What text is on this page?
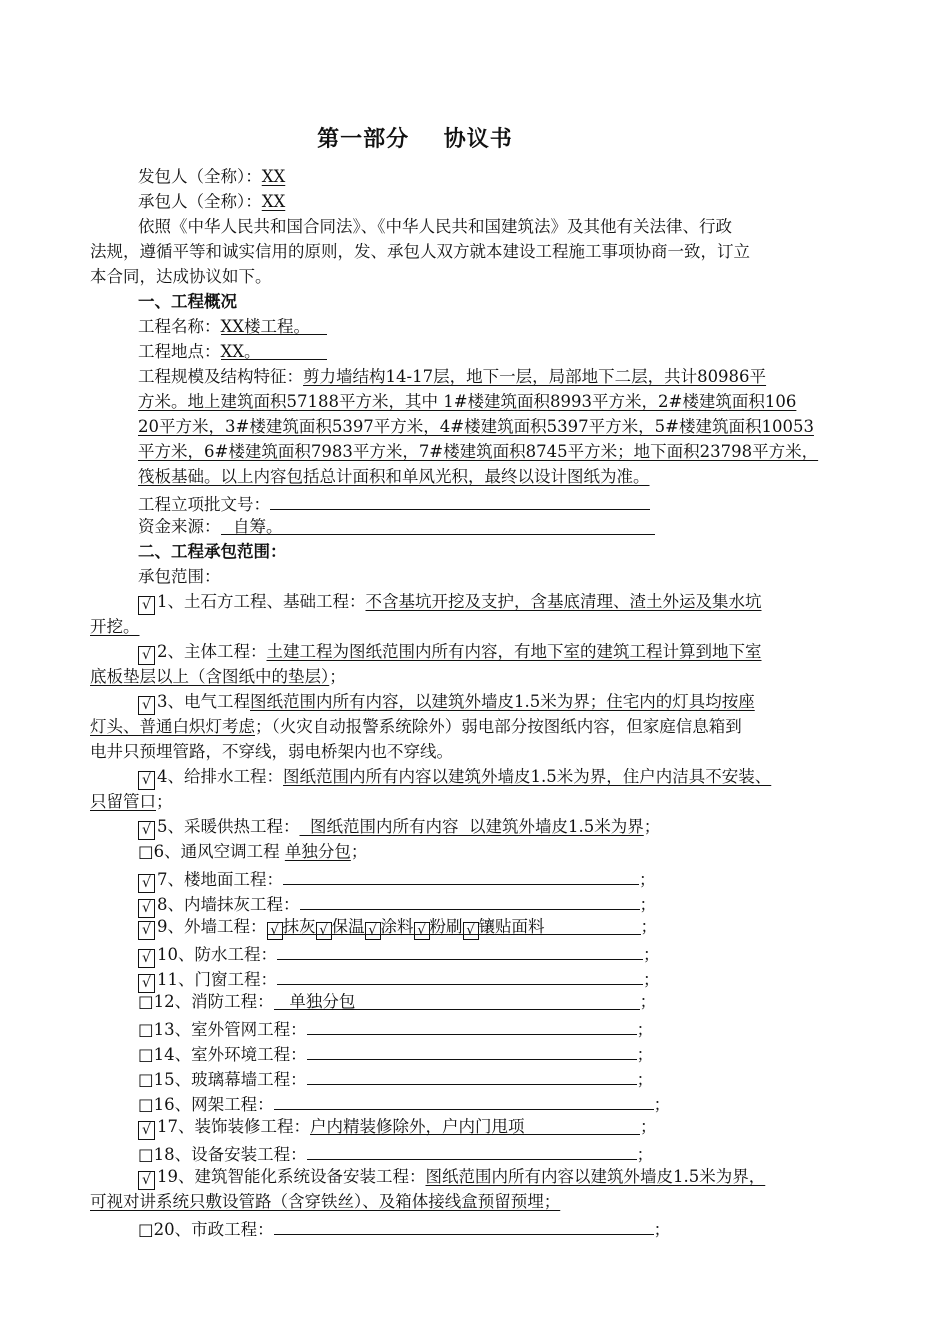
第一部分    协议书
发包人（全称）：XX
承包人（全称）：XX
依照《中华人民共和国合同法》、《中华人民共和国建筑法》及其他有关法律、行政
法规，遵循平等和诚实信用的原则，发、承包人双方就本建设工程施工事项协商一致，订立
本合同，达成协议如下。
一、工程概况
工程名称：XX楼工程。
工程地点：XX。
工程规模及结构特征：剪力墙结构14-17层，地下一层，局部地下二层，共计80986平
方米。地上建筑面积57188平方米，其中 1#楼建筑面积8993平方米，2#楼建筑面积106
20平方米，3#楼建筑面积5397平方米，4#楼建筑面积5397平方米，5#楼建筑面积10053
平方米，6#楼建筑面积7983平方米，7#楼建筑面积8745平方米；地下面积23798平方米，
筏板基础。以上内容包括总计面积和单风光积，最终以设计图纸为准。
工程立项批文号：
资金来源： 自筹。
二、工程承包范围：
承包范围：
√ 1、土石方工程、基础工程：不含基坑开挖及支护，含基底清理、渣土外运及集水坑
开挖。
√ 2、主体工程：土建工程为图纸范围内所有内容，有地下室的建筑工程计算到地下室
底板垫层以上（含图纸中的垫层）；
√ 3、电气工程图纸范围内所有内容，以建筑外墙皮1.5米为界；住宅内的灯具均按座
灯头、普通白炽灯考虑；（火灾自动报警系统除外）弱电部分按图纸内容，但家庭信息箱到
电井只预埋管路，不穿线，弱电桥架内也不穿线。
√ 4、给排水工程：图纸范围内所有内容以建筑外墙皮1.5米为界，住户内洁具不安装、
只留管口；
√ 5、采暖供热工程：  图纸范围内所有内容  以建筑外墙皮1.5米为界；
□6、通风空调工程 单独分包；
√ 7、楼地面工程：	；
√ 8、内墙抹灰工程：	；
√ 9、外墙工程： √ 抹灰 √ 保温 √ 涂料 √ 粉刷 √ 镶贴面料	；
√ 10、防水工程：	；
√ 11、门窗工程：	；
□12、消防工程： 单独分包	；
□13、室外管网工程：	；
□14、室外环境工程：	；
□15、玻璃幕墙工程：	；
□16、网架工程：	；
√ 17、装饰装修工程：户内精装修除外，户内门甩项	；
□18、设备安装工程：	；
√ 19、建筑智能化系统设备安装工程：图纸范围内所有内容以建筑外墙皮1.5米为界，
可视对讲系统只敷设管路（含穿铁丝）、及箱体接线盒预留预埋；
□20、市政工程：	；
